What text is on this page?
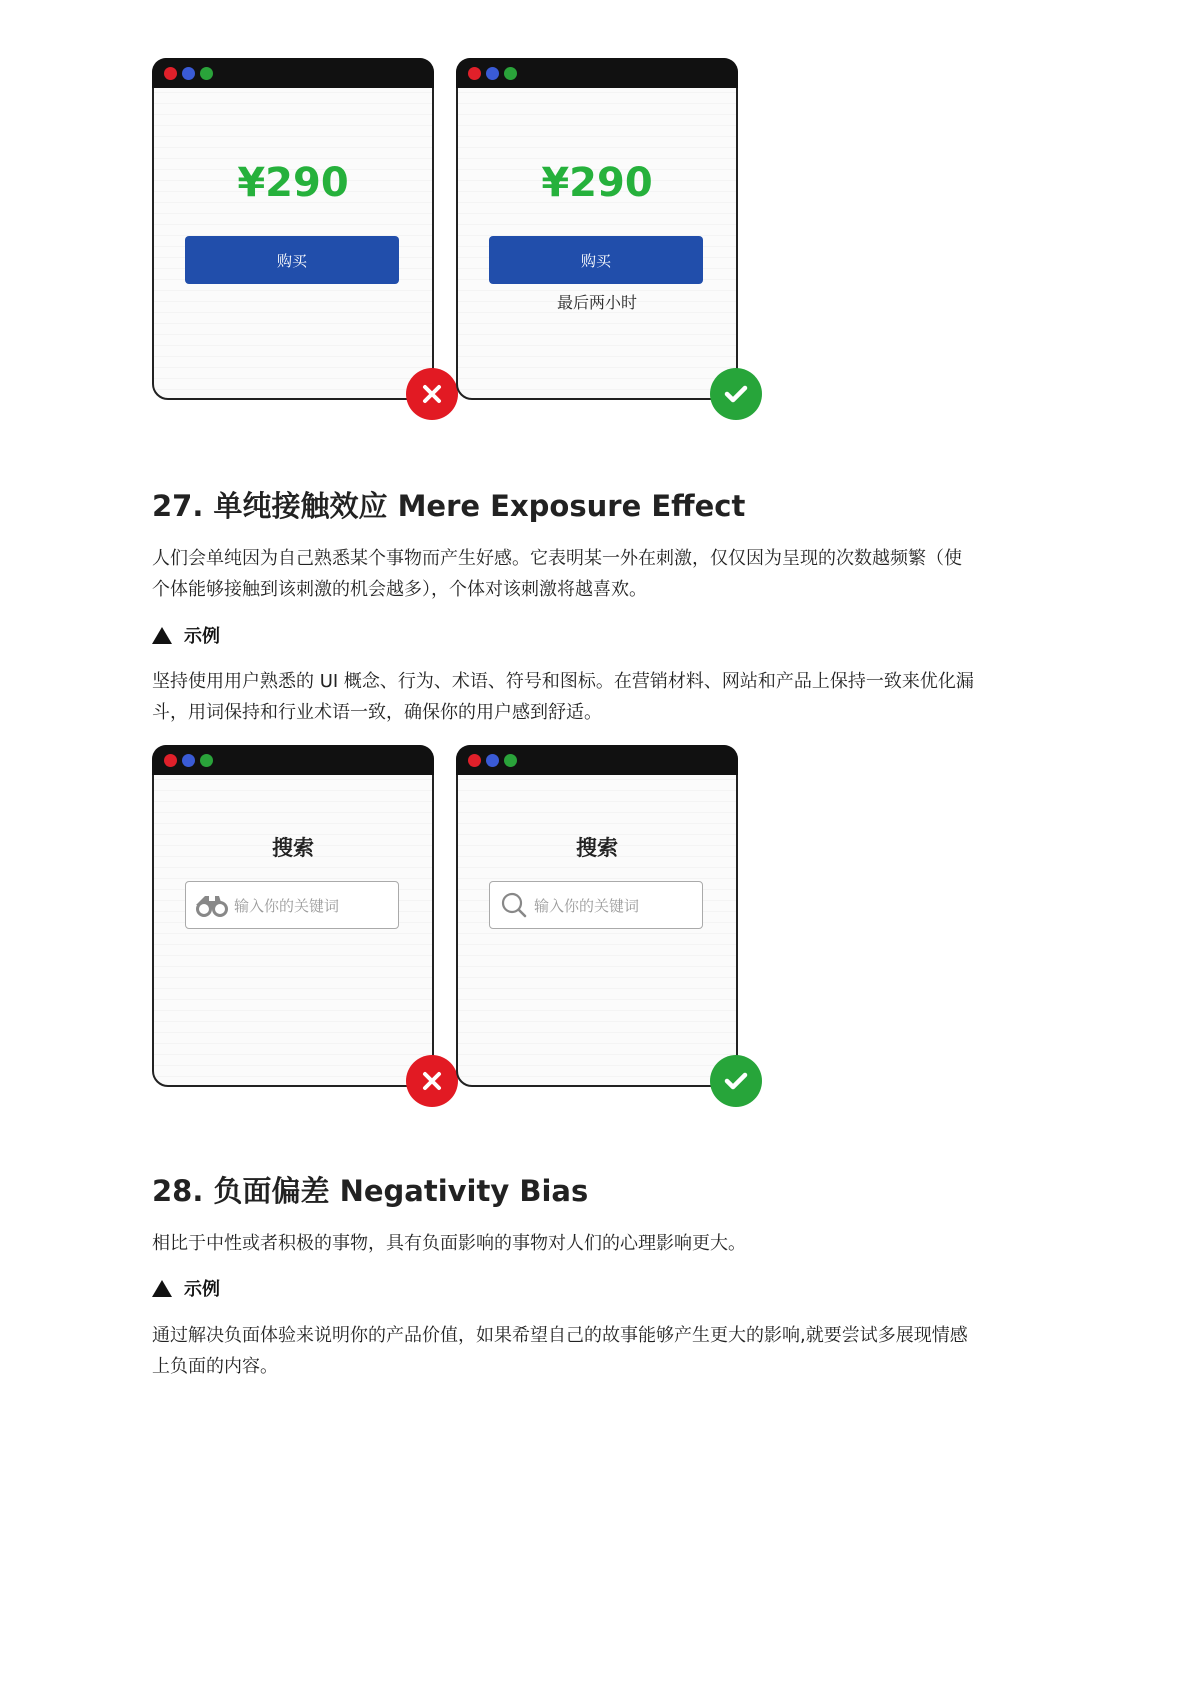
¥290
购买
¥290
购买
最后两小时
27. 单纯接触效应 Mere Exposure Effect

人们会单纯因为自己熟悉某个事物而产生好感。它表明某一外在刺激，仅仅因为呈现的次数越频繁（使
个体能够接触到该刺激的机会越多），个体对该刺激将越喜欢。

示例

坚持使用用户熟悉的 UI 概念、行为、术语、符号和图标。在营销材料、网站和产品上保持一致来优化漏
斗，用词保持和行业术语一致，确保你的用户感到舒适。

搜索
输入你的关键词
搜索
输入你的关键词
28. 负面偏差 Negativity Bias

相比于中性或者积极的事物，具有负面影响的事物对人们的心理影响更大。

示例

通过解决负面体验来说明你的产品价值，如果希望自己的故事能够产生更大的影响,就要尝试多展现情感
上负面的内容。
